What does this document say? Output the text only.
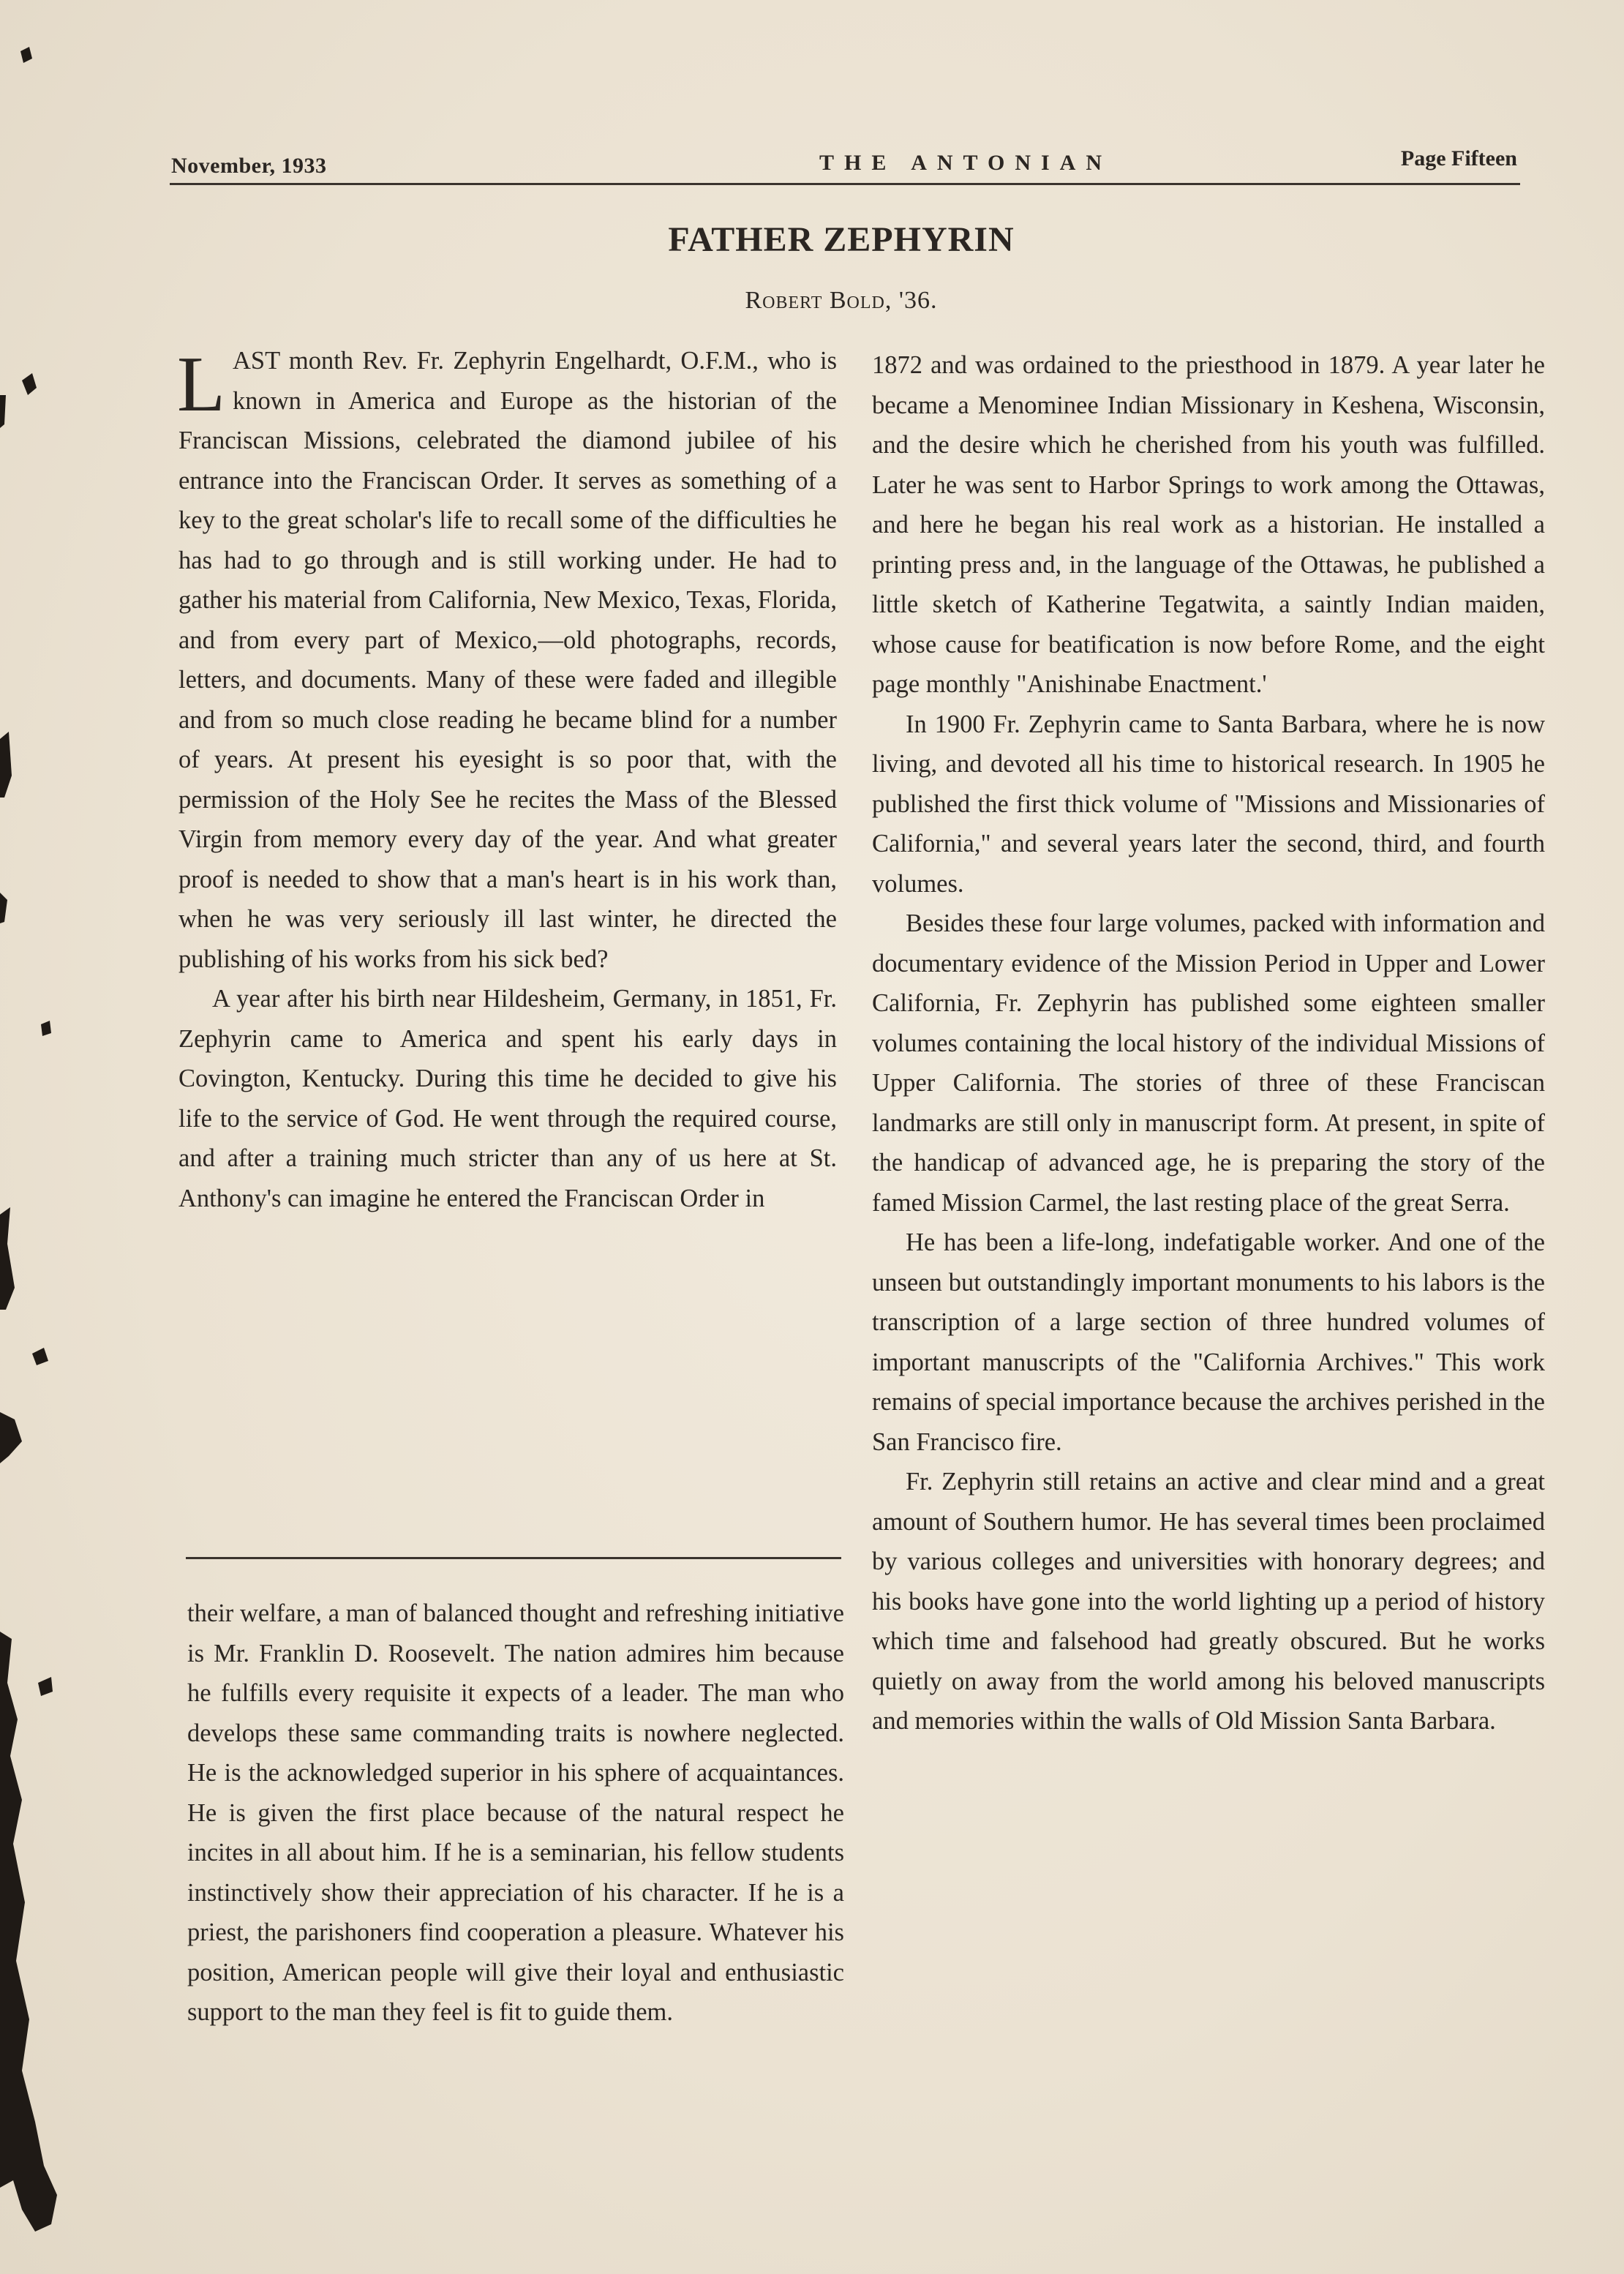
November, 1933	THE ANTONIAN	Page Fifteen
FATHER ZEPHYRIN
Robert Bold, '36.

LAST month Rev. Fr. Zephyrin Engelhardt, O.F.M., who is known in America and Europe as the historian of the Franciscan Missions, celebrated the diamond jubilee of his entrance into the Franciscan Order. It serves as something of a key to the great scholar's life to recall some of the difficulties he has had to go through and is still working under. He had to gather his material from California, New Mexico, Texas, Florida, and from every part of Mexico,—old photographs, records, letters, and documents. Many of these were faded and illegible and from so much close reading he became blind for a number of years. At present his eyesight is so poor that, with the permission of the Holy See he recites the Mass of the Blessed Virgin from memory every day of the year. And what greater proof is needed to show that a man's heart is in his work than, when he was very seriously ill last winter, he directed the publishing of his works from his sick bed?

A year after his birth near Hildesheim, Germany, in 1851, Fr. Zephyrin came to America and spent his early days in Covington, Kentucky. During this time he decided to give his life to the service of God. He went through the required course, and after a training much stricter than any of us here at St. Anthony's can imagine he entered the Franciscan Order in

their welfare, a man of balanced thought and refreshing initiative is Mr. Franklin D. Roosevelt. The nation admires him because he fulfills every requisite it expects of a leader. The man who develops these same commanding traits is nowhere neglected. He is the acknowledged superior in his sphere of acquaintances. He is given the first place because of the natural respect he incites in all about him. If he is a seminarian, his fellow students instinctively show their appreciation of his character. If he is a priest, the parishoners find cooperation a pleasure. Whatever his position, American people will give their loyal and enthusiastic support to the man they feel is fit to guide them.

1872 and was ordained to the priesthood in 1879. A year later he became a Menominee Indian Missionary in Keshena, Wisconsin, and the desire which he cherished from his youth was fulfilled. Later he was sent to Harbor Springs to work among the Ottawas, and here he began his real work as a historian. He installed a printing press and, in the language of the Ottawas, he published a little sketch of Katherine Tegatwita, a saintly Indian maiden, whose cause for beatification is now before Rome, and the eight page monthly "Anishinabe Enactment.'

In 1900 Fr. Zephyrin came to Santa Barbara, where he is now living, and devoted all his time to historical research. In 1905 he published the first thick volume of "Missions and Missionaries of California," and several years later the second, third, and fourth volumes.

Besides these four large volumes, packed with information and documentary evidence of the Mission Period in Upper and Lower California, Fr. Zephyrin has published some eighteen smaller volumes containing the local history of the individual Missions of Upper California. The stories of three of these Franciscan landmarks are still only in manuscript form. At present, in spite of the handicap of advanced age, he is preparing the story of the famed Mission Carmel, the last resting place of the great Serra.

He has been a life-long, indefatigable worker. And one of the unseen but outstandingly important monuments to his labors is the transcription of a large section of three hundred volumes of important manuscripts of the "California Archives." This work remains of special importance because the archives perished in the San Francisco fire.

Fr. Zephyrin still retains an active and clear mind and a great amount of Southern humor. He has several times been proclaimed by various colleges and universities with honorary degrees; and his books have gone into the world lighting up a period of history which time and falsehood had greatly obscured. But he works quietly on away from the world among his beloved manuscripts and memories within the walls of Old Mission Santa Barbara.
